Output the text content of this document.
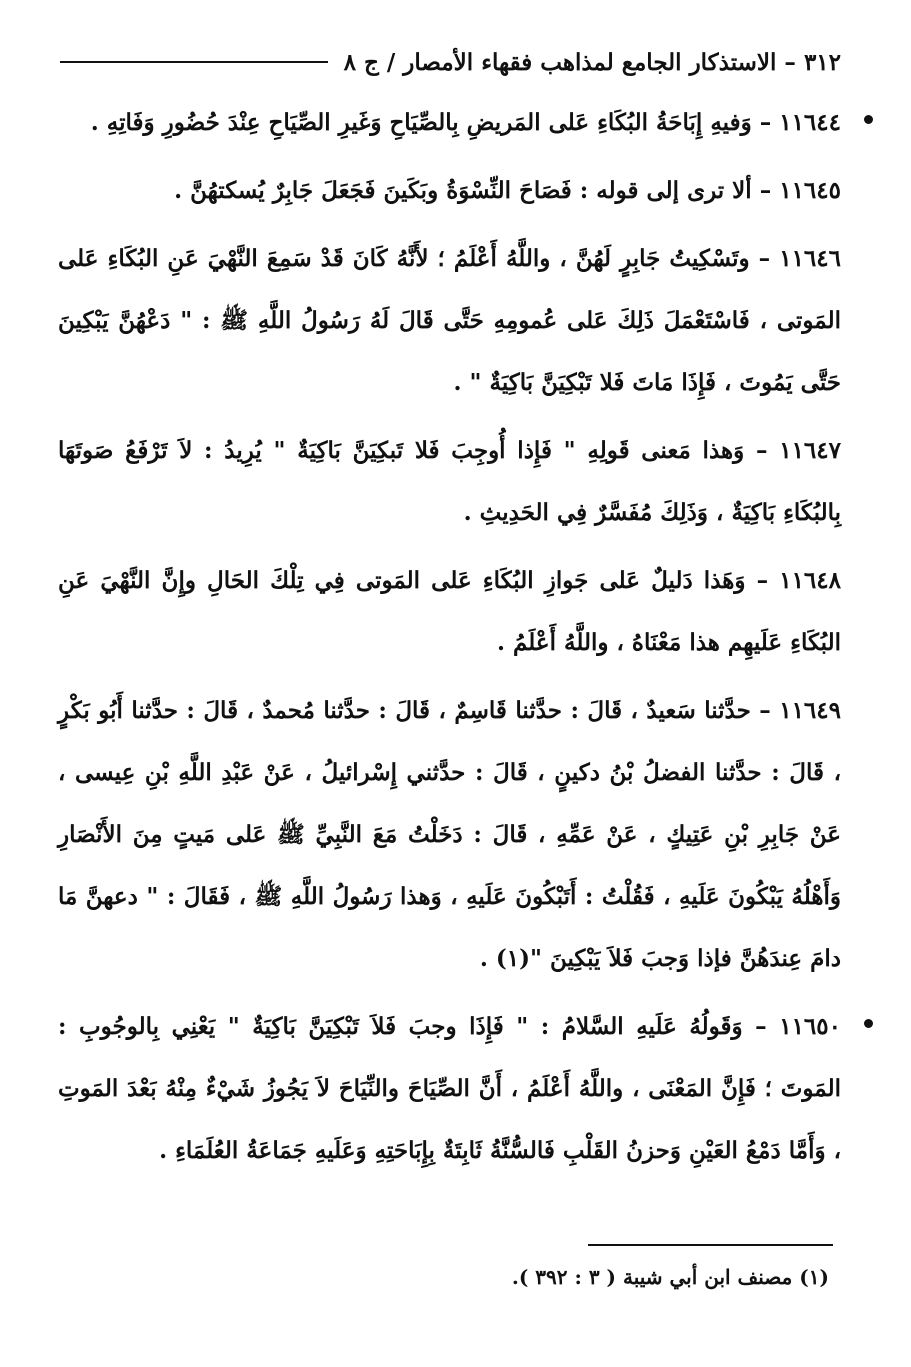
٣١٢ – الاستذكار الجامع لمذاهب فقهاء الأمصار / ج ٨

١١٦٤٤ – وَفيهِ إِبَاحَةُ البُكَاءِ عَلى المَريضِ بِالصِّيَاحِ وَغَيرِ الصِّيَاحِ عِنْدَ حُضُورِ وَفَاتِهِ .

١١٦٤٥ – ألا ترى إلى قوله : فَصَاحَ النِّسْوَةُ وبَكَينَ فَجَعَلَ جَابِرٌ يُسكتهُنَّ .

١١٦٤٦ – وتَسْكِيتُ جَابِرٍ لَهُنَّ ، واللَّهُ أَعْلَمُ ؛ لأَنَّهُ كَانَ قَدْ سَمِعَ النَّهْيَ عَنِ البُكَاءِ عَلى المَوتى ، فَاسْتَعْمَلَ ذَلِكَ عَلى عُمومِهِ حَتَّى قَالَ لَهُ رَسُولُ اللَّهِ ﷺ : " دَعْهُنَّ يَبْكِينَ حَتَّى يَمُوتَ ، فَإِذَا مَاتَ فَلا تَبْكِيَنَّ بَاكِيَةٌ " .

١١٦٤٧ – وَهذا مَعنى قَولِهِ " فَإِذا أُوجِبَ فَلا تَبكِيَنَّ بَاكِيَةٌ " يُرِيدُ : لاَ تَرْفَعُ صَوتَهَا بِالبُكَاءِ بَاكِيَةٌ ، وَذَلِكَ مُفَسَّرٌ فِي الحَدِيثِ .

١١٦٤٨ – وَهَذا دَليلٌ عَلى جَوازِ البُكَاءِ عَلى المَوتى فِي تِلْكَ الحَالِ وإِنَّ النَّهْيَ عَنِ البُكَاءِ عَلَيهِم هذا مَعْنَاهُ ، واللَّهُ أَعْلَمُ .

١١٦٤٩ – حدَّثنا سَعيدٌ ، قَالَ : حدَّثنا قَاسِمٌ ، قَالَ : حدَّثنا مُحمدٌ ، قَالَ : حدَّثنا أَبُو بَكْرٍ ، قَالَ : حدَّثنا الفضلُ بْنُ دكينٍ ، قَالَ : حدَّثني إِسْرائيلُ ، عَنْ عَبْدِ اللَّهِ بْنِ عِيسى ، عَنْ جَابِرِ بْنِ عَتِيكٍ ، عَنْ عَمِّهِ ، قَالَ : دَخَلْتُ مَعَ النَّبِيِّ ﷺ عَلى مَيتٍ مِنَ الأَنْصَارِ وَأَهْلُهُ يَبْكُونَ عَلَيهِ ، فَقُلْتُ : أَتَبْكُونَ عَلَيهِ ، وَهذا رَسُولُ اللَّهِ ﷺ ، فَقَالَ : " دعهنَّ مَا دامَ عِندَهُنَّ فإذا وَجبَ فَلاَ يَبْكِينَ "(١) .

١١٦٥٠ – وَقَولُهُ عَلَيهِ السَّلامُ : " فَإِذَا وجبَ فَلاَ تَبْكِيَنَّ بَاكِيَةٌ " يَعْنِي بِالوجُوبِ : المَوتَ ؛ فَإِنَّ المَعْنَى ، واللَّهُ أَعْلَمُ ، أَنَّ الصِّيَاحَ والنِّيَاحَ لاَ يَجُوزُ شَيْءٌ مِنْهُ بَعْدَ المَوتِ ، وَأَمَّا دَمْعُ العَيْنِ وَحزنُ القَلْبِ فَالسُّنَّةُ ثَابِتَةٌ بِإِبَاحَتِهِ وَعَلَيهِ جَمَاعَةُ العُلَمَاءِ .

(١) مصنف ابن أبي شيبة ( ٣ : ٣٩٢ ).
